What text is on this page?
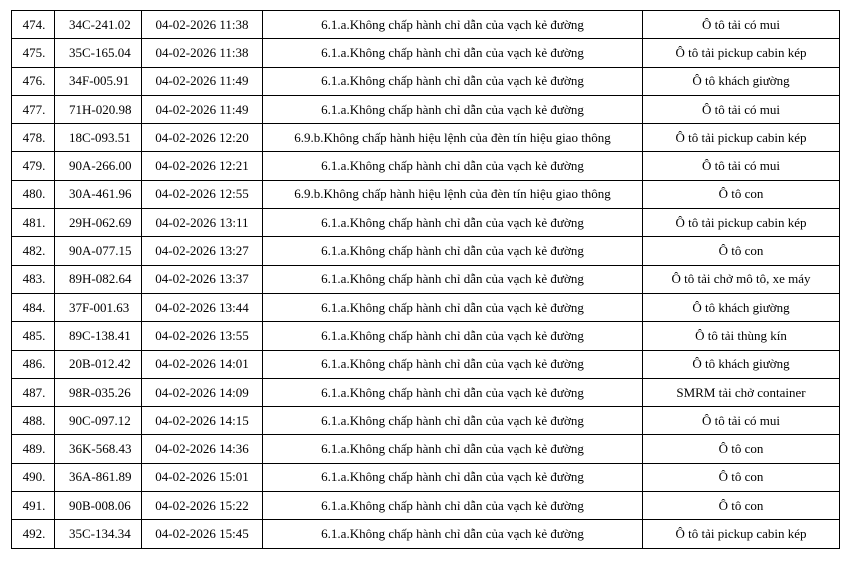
474.	34C-241.02	04-02-2026 11:38	6.1.a.Không chấp hành chỉ dẫn của vạch kẻ đường	Ô tô tải có mui
475.	35C-165.04	04-02-2026 11:38	6.1.a.Không chấp hành chỉ dẫn của vạch kẻ đường	Ô tô tải pickup cabin kép
476.	34F-005.91	04-02-2026 11:49	6.1.a.Không chấp hành chỉ dẫn của vạch kẻ đường	Ô tô khách giường
477.	71H-020.98	04-02-2026 11:49	6.1.a.Không chấp hành chỉ dẫn của vạch kẻ đường	Ô tô tải có mui
478.	18C-093.51	04-02-2026 12:20	6.9.b.Không chấp hành hiệu lệnh của đèn tín hiệu giao thông	Ô tô tải pickup cabin kép
479.	90A-266.00	04-02-2026 12:21	6.1.a.Không chấp hành chỉ dẫn của vạch kẻ đường	Ô tô tải có mui
480.	30A-461.96	04-02-2026 12:55	6.9.b.Không chấp hành hiệu lệnh của đèn tín hiệu giao thông	Ô tô con
481.	29H-062.69	04-02-2026 13:11	6.1.a.Không chấp hành chỉ dẫn của vạch kẻ đường	Ô tô tải pickup cabin kép
482.	90A-077.15	04-02-2026 13:27	6.1.a.Không chấp hành chỉ dẫn của vạch kẻ đường	Ô tô con
483.	89H-082.64	04-02-2026 13:37	6.1.a.Không chấp hành chỉ dẫn của vạch kẻ đường	Ô tô tải chở mô tô, xe máy
484.	37F-001.63	04-02-2026 13:44	6.1.a.Không chấp hành chỉ dẫn của vạch kẻ đường	Ô tô khách giường
485.	89C-138.41	04-02-2026 13:55	6.1.a.Không chấp hành chỉ dẫn của vạch kẻ đường	Ô tô tải thùng kín
486.	20B-012.42	04-02-2026 14:01	6.1.a.Không chấp hành chỉ dẫn của vạch kẻ đường	Ô tô khách giường
487.	98R-035.26	04-02-2026 14:09	6.1.a.Không chấp hành chỉ dẫn của vạch kẻ đường	SMRM tải chở container
488.	90C-097.12	04-02-2026 14:15	6.1.a.Không chấp hành chỉ dẫn của vạch kẻ đường	Ô tô tải có mui
489.	36K-568.43	04-02-2026 14:36	6.1.a.Không chấp hành chỉ dẫn của vạch kẻ đường	Ô tô con
490.	36A-861.89	04-02-2026 15:01	6.1.a.Không chấp hành chỉ dẫn của vạch kẻ đường	Ô tô con
491.	90B-008.06	04-02-2026 15:22	6.1.a.Không chấp hành chỉ dẫn của vạch kẻ đường	Ô tô con
492.	35C-134.34	04-02-2026 15:45	6.1.a.Không chấp hành chỉ dẫn của vạch kẻ đường	Ô tô tải pickup cabin kép
